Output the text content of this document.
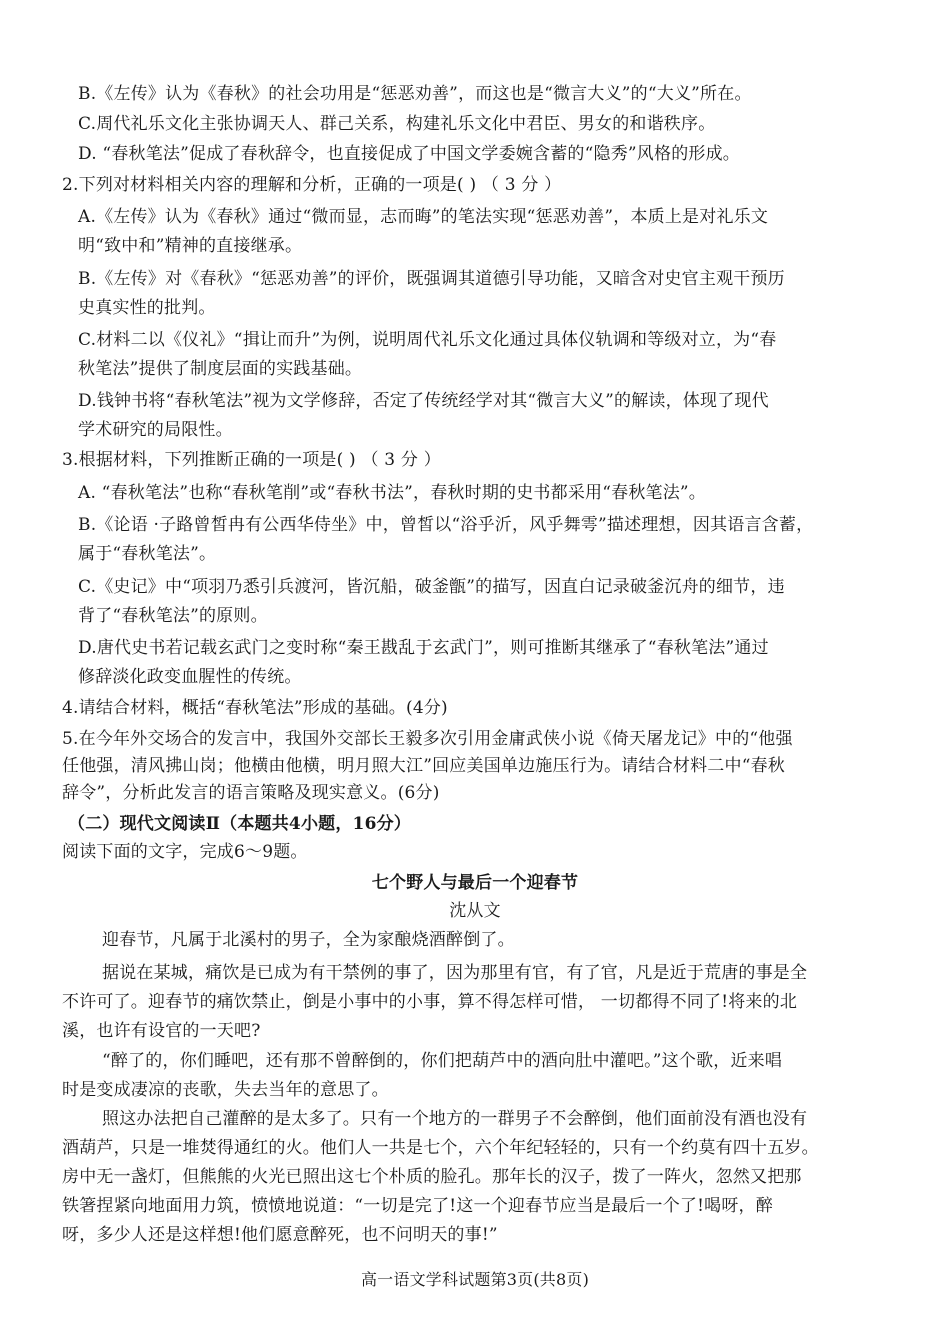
B.《左传》认为《春秋》的社会功用是“惩恶劝善”，而这也是“微言大义”的“大义”所在。
C.周代礼乐文化主张协调天人、群己关系，构建礼乐文化中君臣、男女的和谐秩序。
D. “春秋笔法”促成了春秋辞令，也直接促成了中国文学委婉含蓄的“隐秀”风格的形成。
2.下列对材料相关内容的理解和分析，正确的一项是( ) （ 3 分 ）
A.《左传》认为《春秋》通过“微而显，志而晦”的笔法实现“惩恶劝善”，本质上是对礼乐文
明“致中和”精神的直接继承。
B.《左传》对《春秋》“惩恶劝善”的评价，既强调其道德引导功能，又暗含对史官主观干预历
史真实性的批判。
C.材料二以《仪礼》“揖让而升”为例，说明周代礼乐文化通过具体仪轨调和等级对立，为“春
秋笔法”提供了制度层面的实践基础。
D.钱钟书将“春秋笔法”视为文学修辞，否定了传统经学对其“微言大义”的解读，体现了现代
学术研究的局限性。
3.根据材料，下列推断正确的一项是( ) （ 3 分 ）
A. “春秋笔法”也称“春秋笔削”或“春秋书法”，春秋时期的史书都采用“春秋笔法”。
B.《论语 ·子路曾皙冉有公西华侍坐》中，曾皙以“浴乎沂，风乎舞雩”描述理想，因其语言含蓄，
属于“春秋笔法”。
C.《史记》中“项羽乃悉引兵渡河，皆沉船，破釜甑”的描写，因直白记录破釜沉舟的细节，违
背了“春秋笔法”的原则。
D.唐代史书若记载玄武门之变时称“秦王戡乱于玄武门”，则可推断其继承了“春秋笔法”通过
修辞淡化政变血腥性的传统。
4.请结合材料，概括“春秋笔法”形成的基础。(4分)
5.在今年外交场合的发言中，我国外交部长王毅多次引用金庸武侠小说《倚天屠龙记》中的“他强
任他强，清风拂山岗；他横由他横，明月照大江”回应美国单边施压行为。请结合材料二中“春秋
辞令”，分析此发言的语言策略及现实意义。(6分)
（二）现代文阅读Ⅱ（本题共4小题，16分）
阅读下面的文字，完成6～9题。
七个野人与最后一个迎春节
沈从文
迎春节，凡属于北溪村的男子，全为家酿烧酒醉倒了。
据说在某城，痛饮是已成为有干禁例的事了，因为那里有官，有了官，凡是近于荒唐的事是全
不许可了。迎春节的痛饮禁止，倒是小事中的小事，算不得怎样可惜， 一切都得不同了!将来的北
溪，也许有设官的一天吧?
“醉了的，你们睡吧，还有那不曾醉倒的，你们把葫芦中的酒向肚中灌吧。”这个歌，近来唱
时是变成凄凉的丧歌，失去当年的意思了。
照这办法把自己灌醉的是太多了。只有一个地方的一群男子不会醉倒，他们面前没有酒也没有
酒葫芦，只是一堆焚得通红的火。他们人一共是七个，六个年纪轻轻的，只有一个约莫有四十五岁。
房中无一盏灯，但熊熊的火光已照出这七个朴质的脸孔。那年长的汉子，拨了一阵火，忽然又把那
铁箸捏紧向地面用力筑，愤愤地说道：“一切是完了!这一个迎春节应当是最后一个了!喝呀，醉
呀，多少人还是这样想!他们愿意醉死，也不问明天的事!”
高一语文学科试题第3页(共8页)
